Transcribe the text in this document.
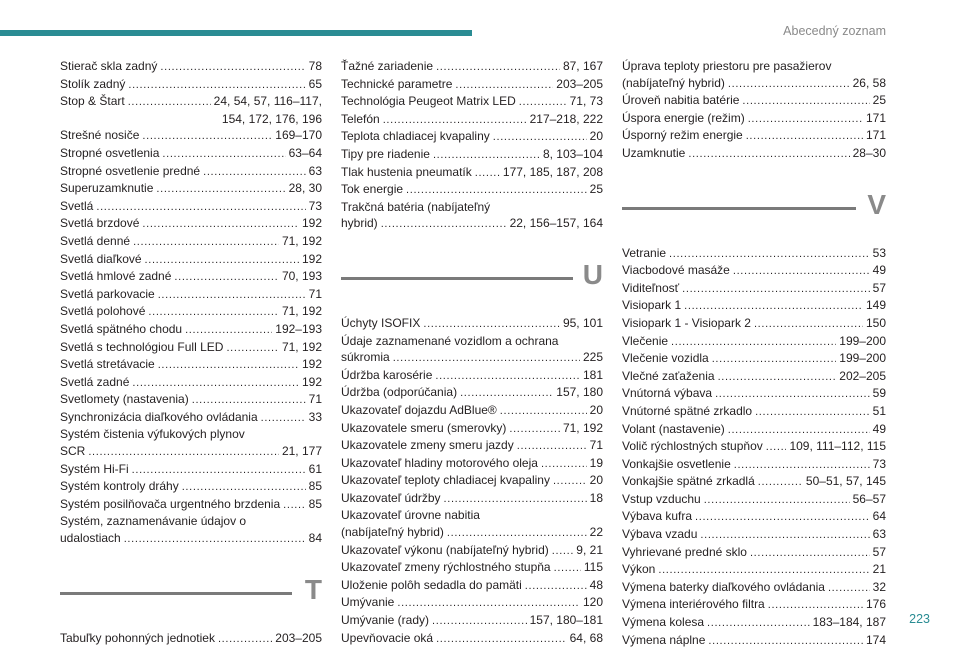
Abecedný zoznam
Stierač skla zadný . . .	78
Stolík zadný . . .	65
Stop & Štart . . .	24, 54, 57, 116–117,
154, 172, 176, 196
Strešné nosiče . . .	169–170
Stropné osvetlenia . . .	63–64
Stropné osvetlenie predné . . .	63
Superuzamknutie . . .	28, 30
Svetlá . . .	73
Svetlá brzdové . . .	192
Svetlá denné . . .	71, 192
Svetlá diaľkové . . .	192
Svetlá hmlové zadné . . .	70, 193
Svetlá parkovacie . . .	71
Svetlá polohové . . .	71, 192
Svetlá spätného chodu . . .	192–193
Svetlá s technológiou Full LED . . .	71, 192
Svetlá stretávacie . . .	192
Svetlá zadné . . .	192
Svetlomety (nastavenia) . . .	71
Synchronizácia diaľkového ovládania . . .	33
Systém čistenia výfukových plynov
SCR . . .	21, 177
Systém Hi-Fi . . .	61
Systém kontroly dráhy . . .	85
Systém posilňovača urgentného brzdenia . . . 85
Systém, zaznamenávanie údajov o
udalostiach . . .	84
T
Tabuľky pohonných jednotiek . . .	203–205
Ťažné zariadenie . . .	87, 167
Technické parametre . . .	203–205
Technológia Peugeot Matrix LED . . .	71, 73
Telefón . . .	217–218, 222
Teplota chladiacej kvapaliny . . .	20
Tipy pre riadenie . . .	8, 103–104
Tlak hustenia pneumatík . . .	177, 185, 187, 208
Tok energie . . .	25
Trakčná batéria (nabíjateľný
hybrid) . . .	22, 156–157, 164
U
Úchyty ISOFIX . . .	95, 101
Údaje zaznamenané vozidlom a ochrana
súkromia . . .	225
Údržba karosérie . . .	181
Údržba (odporúčania) . . .	157, 180
Ukazovateľ dojazdu AdBlue® . . .	20
Ukazovatele smeru (smerovky) . . .	71, 192
Ukazovatele zmeny smeru jazdy . . .	71
Ukazovateľ hladiny motorového oleja . . .	19
Ukazovateľ teploty chladiacej kvapaliny . . .	20
Ukazovateľ údržby . . .	18
Ukazovateľ úrovne nabitia
(nabíjateľný hybrid) . . .	22
Ukazovateľ výkonu (nabíjateľný hybrid) . . . 9, 21
Ukazovateľ zmeny rýchlostného stupňa . . .	115
Uloženie polôh sedadla do pamäti . . .	48
Umývanie . . .	120
Umývanie (rady) . . .	157, 180–181
Upevňovacie oká . . .	64, 68
Úprava teploty priestoru pre pasažierov
(nabíjateľný hybrid) . . .	26, 58
Úroveň nabitia batérie . . .	25
Úspora energie (režim) . . .	171
Úsporný režim energie . . .	171
Uzamknutie . . .	28–30
V
Vetranie . . .	53
Viacbodové masáže . . .	49
Viditeľnosť . . .	57
Visiopark 1 . . .	149
Visiopark 1 - Visiopark 2 . . .	150
Vlečenie . . .	199–200
Vlečenie vozidla . . .	199–200
Vlečné zaťaženia . . .	202–205
Vnútorná výbava . . .	59
Vnútorné spätné zrkadlo . . .	51
Volant (nastavenie) . . .	49
Volič rýchlostných stupňov . . . 109, 111–112, 115
Vonkajšie osvetlenie . . .	73
Vonkajšie spätné zrkadlá . . .	50–51, 57, 145
Vstup vzduchu . . .	56–57
Výbava kufra . . .	64
Výbava vzadu . . .	63
Vyhrievané predné sklo . . .	57
Výkon . . .	21
Výmena baterky diaľkového ovládania . . .	32
Výmena interiérového filtra . . .	176
Výmena kolesa . . .	183–184, 187
Výmena náplne . . .	174
223
